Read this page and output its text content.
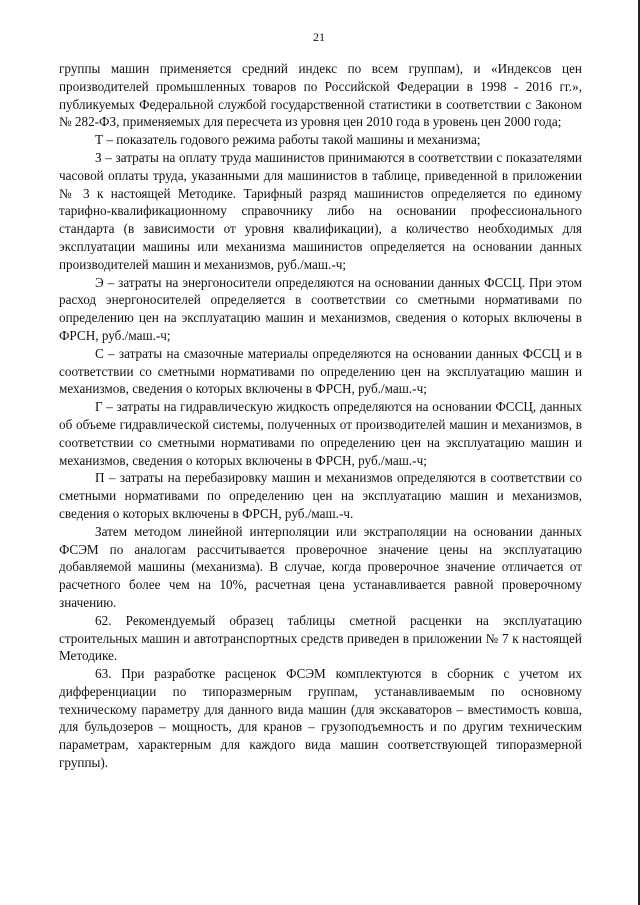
21

группы машин применяется средний индекс по всем группам), и «Индексов цен производителей промышленных товаров по Российской Федерации в 1998 - 2016 гг.», публикуемых Федеральной службой государственной статистики в соответствии с Законом № 282-ФЗ, применяемых для пересчета из уровня цен 2010 года в уровень цен 2000 года;

Т – показатель годового режима работы такой машины и механизма;

З – затраты на оплату труда машинистов принимаются в соответствии с показателями часовой оплаты труда, указанными для машинистов в таблице, приведенной в приложении № 3 к настоящей Методике. Тарифный разряд машинистов определяется по единому тарифно-квалификационному справочнику либо на основании профессионального стандарта (в зависимости от уровня квалификации), а количество необходимых для эксплуатации машины или механизма машинистов определяется на основании данных производителей машин и механизмов, руб./маш.-ч;

Э – затраты на энергоносители определяются на основании данных ФССЦ. При этом расход энергоносителей определяется в соответствии со сметными нормативами по определению цен на эксплуатацию машин и механизмов, сведения о которых включены в ФРСН, руб./маш.-ч;

С – затраты на смазочные материалы определяются на основании данных ФССЦ и в соответствии со сметными нормативами по определению цен на эксплуатацию машин и механизмов, сведения о которых включены в ФРСН, руб./маш.-ч;

Г – затраты на гидравлическую жидкость определяются на основании ФССЦ, данных об объеме гидравлической системы, полученных от производителей машин и механизмов, в соответствии со сметными нормативами по определению цен на эксплуатацию машин и механизмов, сведения о которых включены в ФРСН, руб./маш.-ч;

П – затраты на перебазировку машин и механизмов определяются в соответствии со сметными нормативами по определению цен на эксплуатацию машин и механизмов, сведения о которых включены в ФРСН, руб./маш.-ч.

Затем методом линейной интерполяции или экстраполяции на основании данных ФСЭМ по аналогам рассчитывается проверочное значение цены на эксплуатацию добавляемой машины (механизма). В случае, когда проверочное значение отличается от расчетного более чем на 10%, расчетная цена устанавливается равной проверочному значению.

62. Рекомендуемый образец таблицы сметной расценки на эксплуатацию строительных машин и автотранспортных средств приведен в приложении № 7 к настоящей Методике.

63. При разработке расценок ФСЭМ комплектуются в сборник с учетом их дифференциации по типоразмерным группам, устанавливаемым по основному техническому параметру для данного вида машин (для экскаваторов – вместимость ковша, для бульдозеров – мощность, для кранов – грузоподъемность и по другим техническим параметрам, характерным для каждого вида машин соответствующей типоразмерной группы).
